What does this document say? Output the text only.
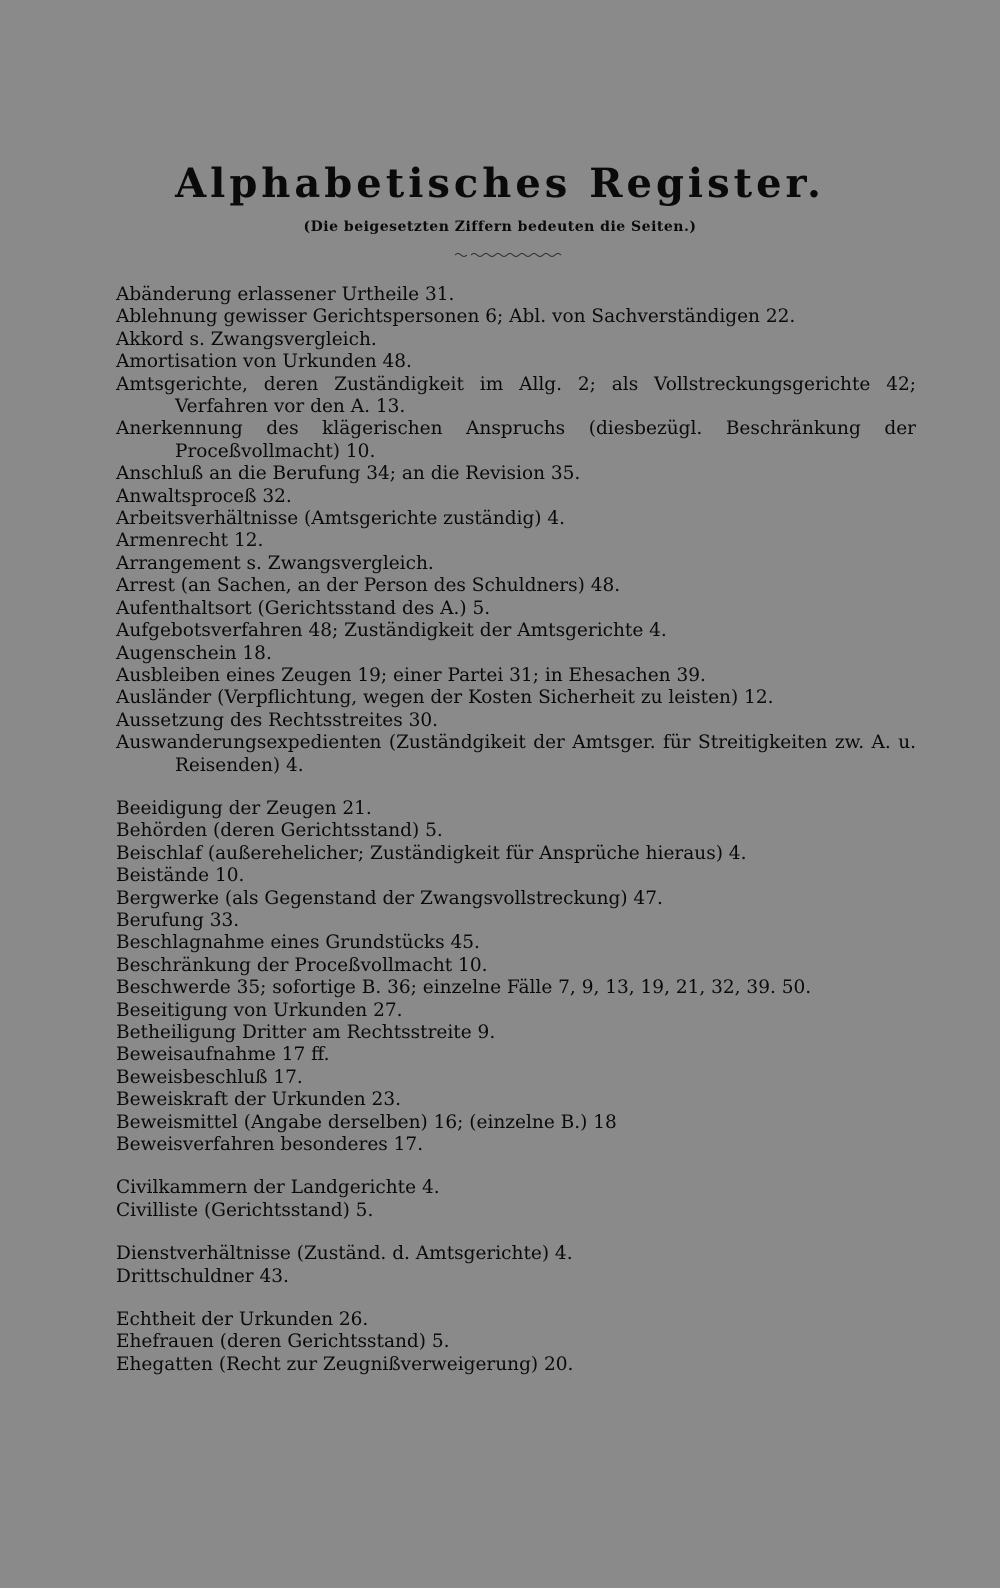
Alphabetisches Register.
(Die beigesetzten Ziffern bedeuten die Seiten.)

Abänderung erlassener Urtheile 31.

Ablehnung gewisser Gerichtspersonen 6; Abl. von Sachverständigen 22.

Akkord s. Zwangsvergleich.

Amortisation von Urkunden 48.

Amtsgerichte, deren Zuständigkeit im Allg. 2; als Vollstreckungsgerichte 42; Verfahren vor den A. 13.

Anerkennung des klägerischen Anspruchs (diesbezügl. Beschränkung der Proceßvollmacht) 10.

Anschluß an die Berufung 34; an die Revision 35.

Anwaltsproceß 32.

Arbeitsverhältnisse (Amtsgerichte zuständig) 4.

Armenrecht 12.

Arrangement s. Zwangsvergleich.

Arrest (an Sachen, an der Person des Schuldners) 48.

Aufenthaltsort (Gerichtsstand des A.) 5.

Aufgebotsverfahren 48; Zuständigkeit der Amtsgerichte 4.

Augenschein 18.

Ausbleiben eines Zeugen 19; einer Partei 31; in Ehesachen 39.

Ausländer (Verpflichtung, wegen der Kosten Sicherheit zu leisten) 12.

Aussetzung des Rechtsstreites 30.

Auswanderungsexpedienten (Zuständgikeit der Amtsger. für Streitigkeiten zw. A. u. Reisenden) 4.

Beeidigung der Zeugen 21.

Behörden (deren Gerichtsstand) 5.

Beischlaf (außerehelicher; Zuständigkeit für Ansprüche hieraus) 4.

Beistände 10.

Bergwerke (als Gegenstand der Zwangsvollstreckung) 47.

Berufung 33.

Beschlagnahme eines Grundstücks 45.

Beschränkung der Proceßvollmacht 10.

Beschwerde 35; sofortige B. 36; einzelne Fälle 7, 9, 13, 19, 21, 32, 39. 50.

Beseitigung von Urkunden 27.

Betheiligung Dritter am Rechtsstreite 9.

Beweisaufnahme 17 ff.

Beweisbeschluß 17.

Beweiskraft der Urkunden 23.

Beweismittel (Angabe derselben) 16; (einzelne B.) 18

Beweisverfahren besonderes 17.

Civilkammern der Landgerichte 4.

Civilliste (Gerichtsstand) 5.

Dienstverhältnisse (Zuständ. d. Amtsgerichte) 4.

Drittschuldner 43.

Echtheit der Urkunden 26.

Ehefrauen (deren Gerichtsstand) 5.

Ehegatten (Recht zur Zeugnißverweigerung) 20.
